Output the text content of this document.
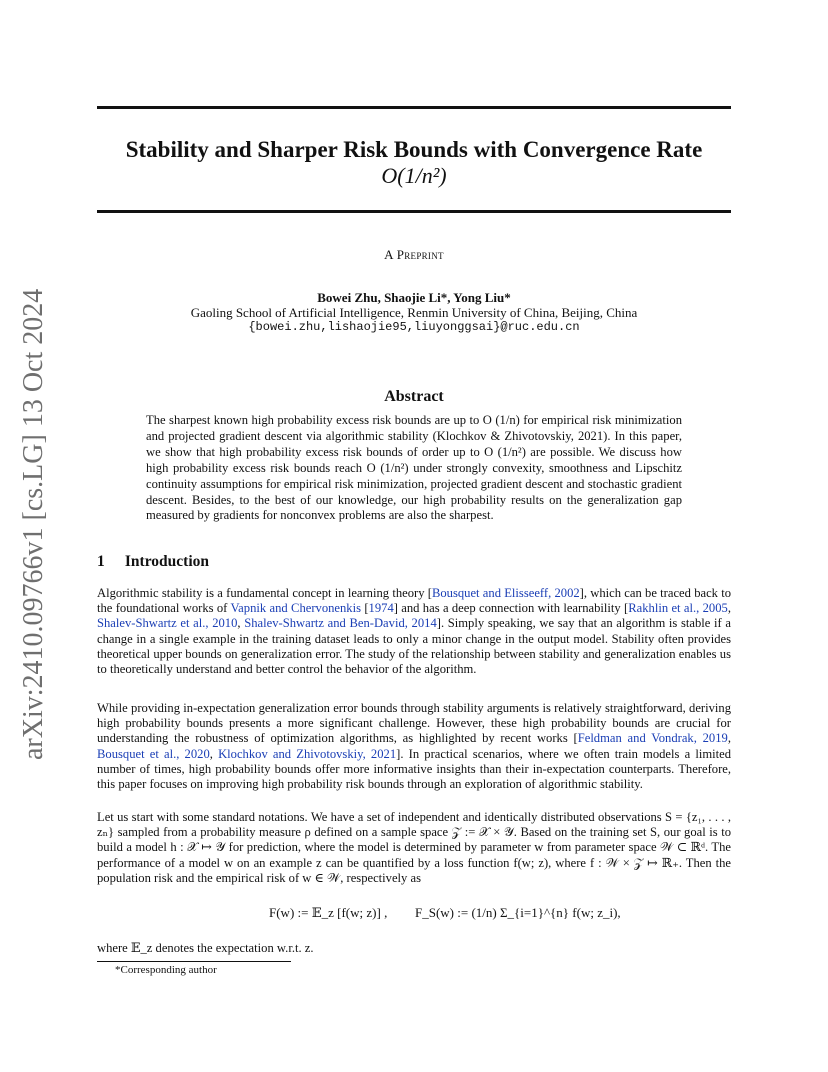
arXiv:2410.09766v1 [cs.LG] 13 Oct 2024
Stability and Sharper Risk Bounds with Convergence Rate
O(1/n²)
A Preprint
Bowei Zhu, Shaojie Li*, Yong Liu*
Gaoling School of Artificial Intelligence, Renmin University of China, Beijing, China
{bowei.zhu,lishaojie95,liuyonggsai}@ruc.edu.cn
Abstract

The sharpest known high probability excess risk bounds are up to O (1/n) for empirical risk minimization and projected gradient descent via algorithmic stability (Klochkov & Zhivotovskiy, 2021). In this paper, we show that high probability excess risk bounds of order up to O (1/n²) are possible. We discuss how high probability excess risk bounds reach O (1/n²) under strongly convexity, smoothness and Lipschitz continuity assumptions for empirical risk minimization, projected gradient descent and stochastic gradient descent. Besides, to the best of our knowledge, our high probability results on the generalization gap measured by gradients for nonconvex problems are also the sharpest.

1 Introduction

Algorithmic stability is a fundamental concept in learning theory [Bousquet and Elisseeff, 2002], which can be traced back to the foundational works of Vapnik and Chervonenkis [1974] and has a deep connection with learnability [Rakhlin et al., 2005, Shalev-Shwartz et al., 2010, Shalev-Shwartz and Ben-David, 2014]. Simply speaking, we say that an algorithm is stable if a change in a single example in the training dataset leads to only a minor change in the output model. Stability often provides theoretical upper bounds on generalization error. The study of the relationship between stability and generalization enables us to theoretically understand and better control the behavior of the algorithm.

While providing in-expectation generalization error bounds through stability arguments is relatively straightforward, deriving high probability bounds presents a more significant challenge. However, these high probability bounds are crucial for understanding the robustness of optimization algorithms, as highlighted by recent works [Feldman and Vondrak, 2019, Bousquet et al., 2020, Klochkov and Zhivotovskiy, 2021]. In practical scenarios, where we often train models a limited number of times, high probability bounds offer more informative insights than their in-expectation counterparts. Therefore, this paper focuses on improving high probability risk bounds through an exploration of algorithmic stability.

Let us start with some standard notations. We have a set of independent and identically distributed observations S = {z₁, . . . , zₙ} sampled from a probability measure ρ defined on a sample space 𝒵 := 𝒳 × 𝒴. Based on the training set S, our goal is to build a model h : 𝒳 ↦ 𝒴 for prediction, where the model is determined by parameter w from parameter space 𝒲 ⊂ ℝᵈ. The performance of a model w on an example z can be quantified by a loss function f(w; z), where f : 𝒲 × 𝒵 ↦ ℝ₊. Then the population risk and the empirical risk of w ∈ 𝒲, respectively as

F(w) := 𝔼_z [f(w; z)] , F_S(w) := (1/n) Σ_{i=1}^{n} f(w; z_i),
where 𝔼_z denotes the expectation w.r.t. z.
*Corresponding author
